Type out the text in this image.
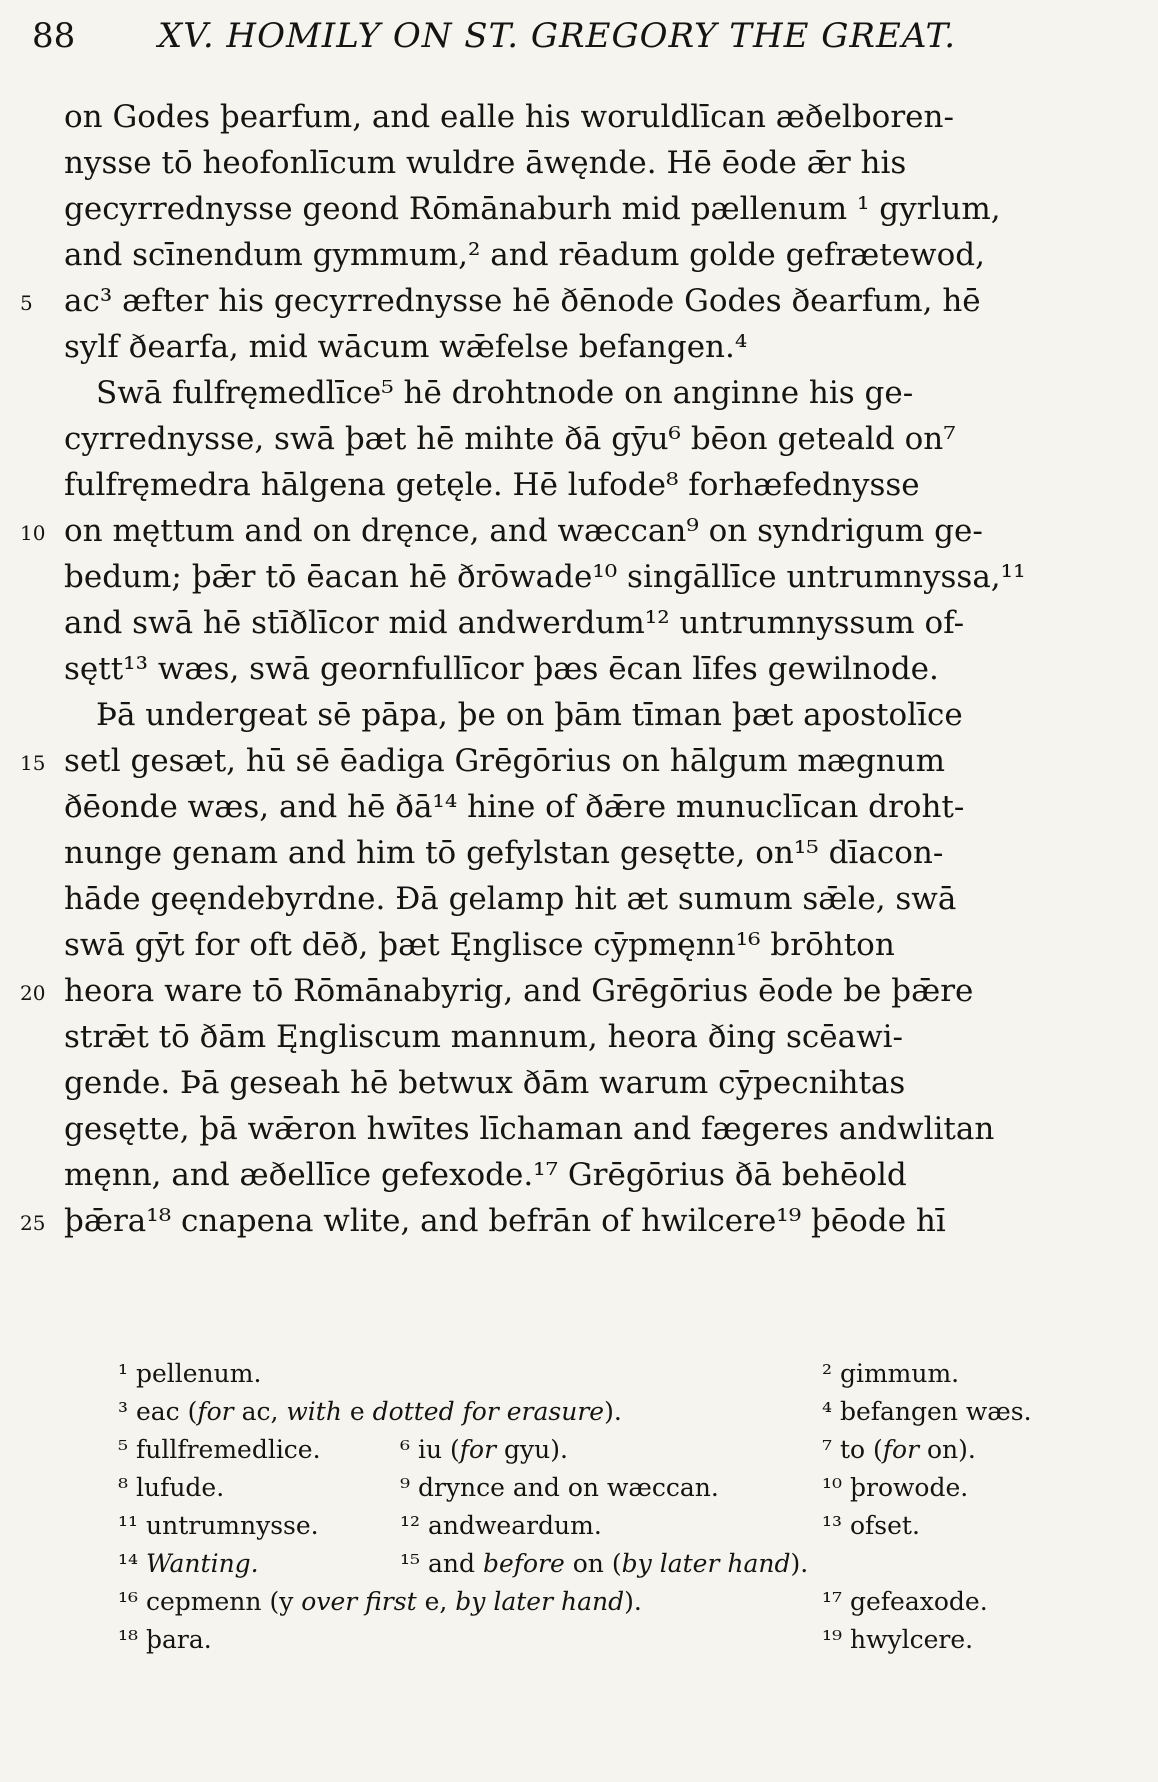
88 XV. HOMILY ON ST. GREGORY THE GREAT.
on Godes þearfum, and ealle his woruldlīcan æðelboren-
nysse tō heofonlīcum wuldre āwęnde. Hē ēode ǣr his
gecyrrednysse geond Rōmānaburh mid pællenum ¹ gyrlum,
and scīnendum gymmum,² and rēadum golde gefrætewod,
5 ac³ æfter his gecyrrednysse hē ðēnode Godes ðearfum, hē
sylf ðearfa, mid wācum wǣfelse befangen.⁴
Swā fulfręmedlīce⁵ hē drohtnode on anginne his ge-
cyrrednysse, swā þæt hē mihte ðā gȳu⁶ bēon geteald on⁷
fulfręmedra hālgena getęle. Hē lufode⁸ forhæfednysse
10 on męttum and on dręnce, and wæccan⁹ on syndrigum ge-
bedum; þǣr tō ēacan hē ðrōwade¹⁰ singāllīce untrumnyssa,¹¹
and swā hē stīðlīcor mid andwerdum¹² untrumnyssum of-
sętt¹³ wæs, swā geornfullīcor þæs ēcan līfes gewilnode.
Þā undergeat sē pāpa, þe on þām tīman þæt apostolīce
15 setl gesæt, hū sē ēadiga Grēgōrius on hālgum mægnum
ðēonde wæs, and hē ðā¹⁴ hine of ðǣre munuclīcan droht-
nunge genam and him tō gefylstan gesętte, on¹⁵ dīacon-
hāde geęndebyrdne. Ðā gelamp hit æt sumum sǣle, swā
swā gȳt for oft dēð, þæt Ęnglisce cȳpmęnn¹⁶ brōhton
20 heora ware tō Rōmānabyrig, and Grēgōrius ēode be þǣre
strǣt tō ðām Ęngliscum mannum, heora ðing scēawi-
gende. Þā geseah hē betwux ðām warum cȳpecnihtas
gesętte, þā wǣron hwītes līchaman and fægeres andwlitan
męnn, and æðellīce gefexode.¹⁷ Grēgōrius ðā behēold
25 þǣra¹⁸ cnapena wlite, and befrān of hwilcere¹⁹ þēode hī
¹ pellenum.	² gimmum.
³ eac (for ac, with e dotted for erasure).	⁴ befangen wæs.
⁵ fullfremedlice.	⁶ iu (for gyu).	⁷ to (for on).
⁸ lufude.	⁹ drynce and on wæccan.	¹⁰ þrowode.
¹¹ untrumnysse.	¹² andweardum.	¹³ ofset.
¹⁴ Wanting.	¹⁵ and before on (by later hand).
¹⁶ cepmenn (y over first e, by later hand).	¹⁷ gefeaxode.
¹⁸ þara.	¹⁹ hwylcere.
